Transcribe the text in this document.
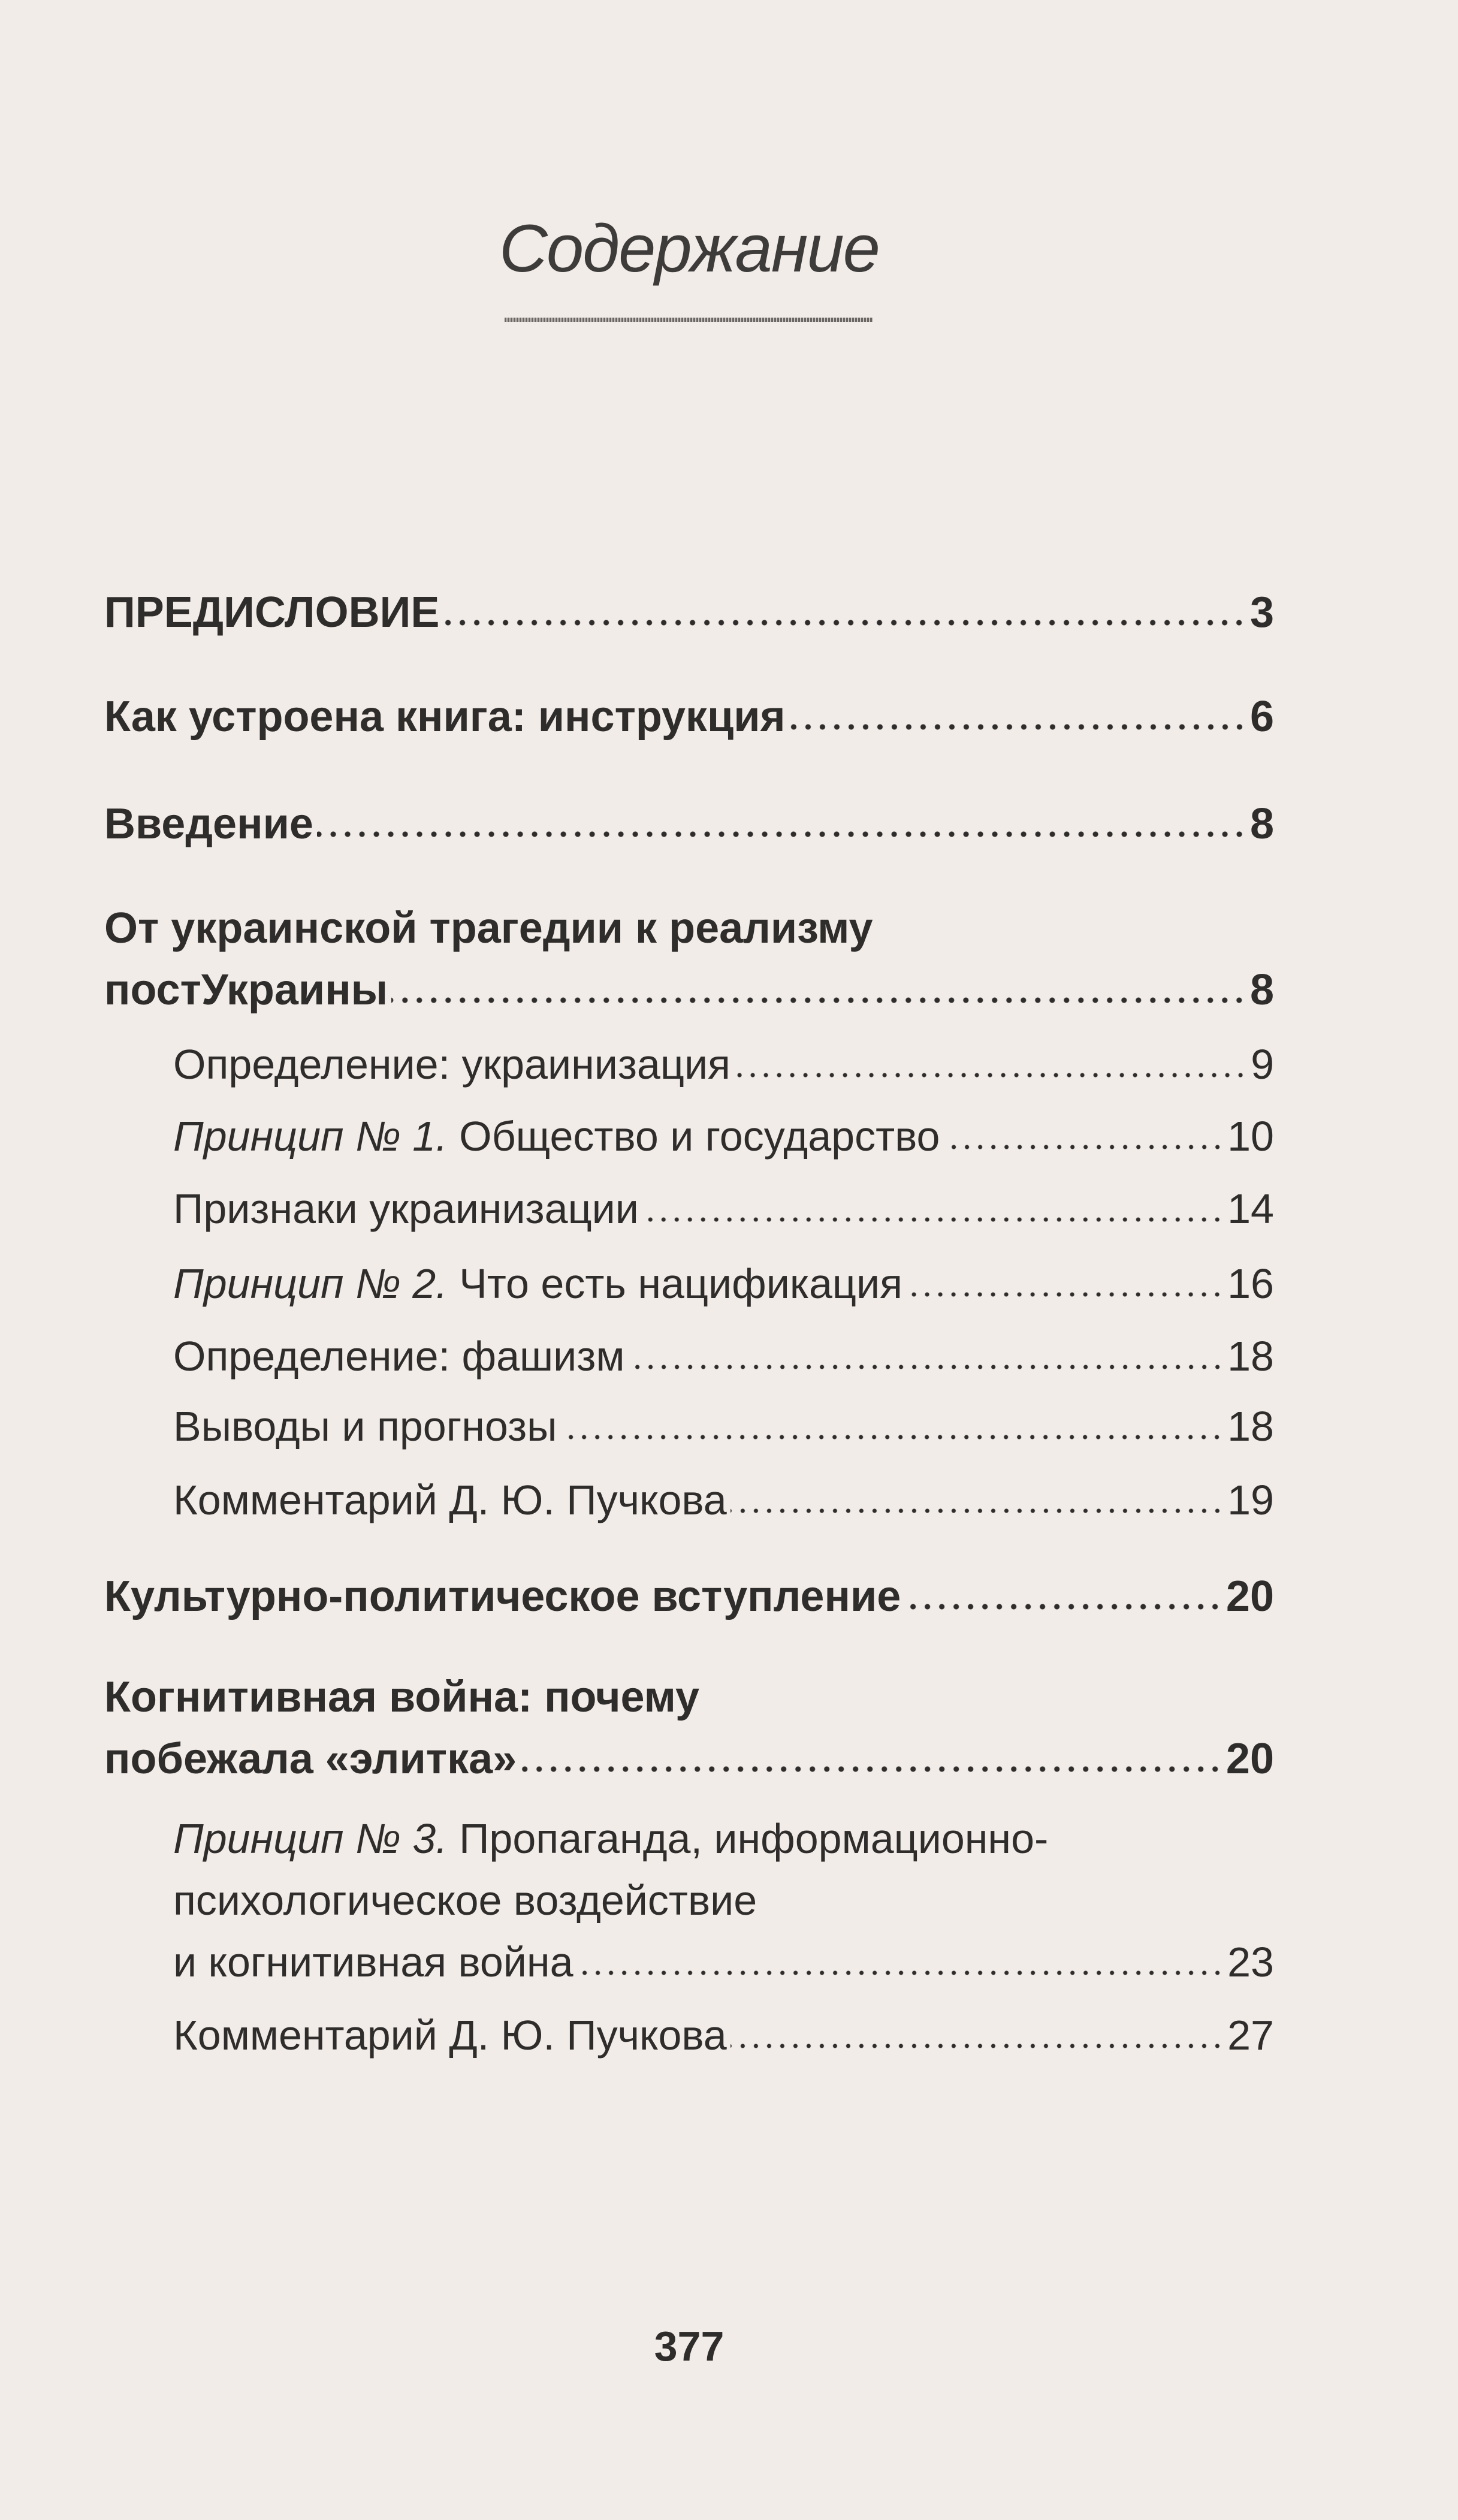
Содержание
ПРЕДИСЛОВИЕ	3
Как устроена книга: инструкция	6
Введение	8
От украинской трагедии к реализму
постУкраины	8
Определение: украинизация	9
Принцип № 1. Общество и государство	10
Признаки украинизации	14
Принцип № 2. Что есть нацификация	16
Определение: фашизм	18
Выводы и прогнозы	18
Комментарий Д. Ю. Пучкова	19
Культурно-политическое вступление	20
Когнитивная война: почему
побежала «элитка»	20
Принцип № 3. Пропаганда, информационно-
психологическое воздействие
и когнитивная война	23
Комментарий Д. Ю. Пучкова	27
377
